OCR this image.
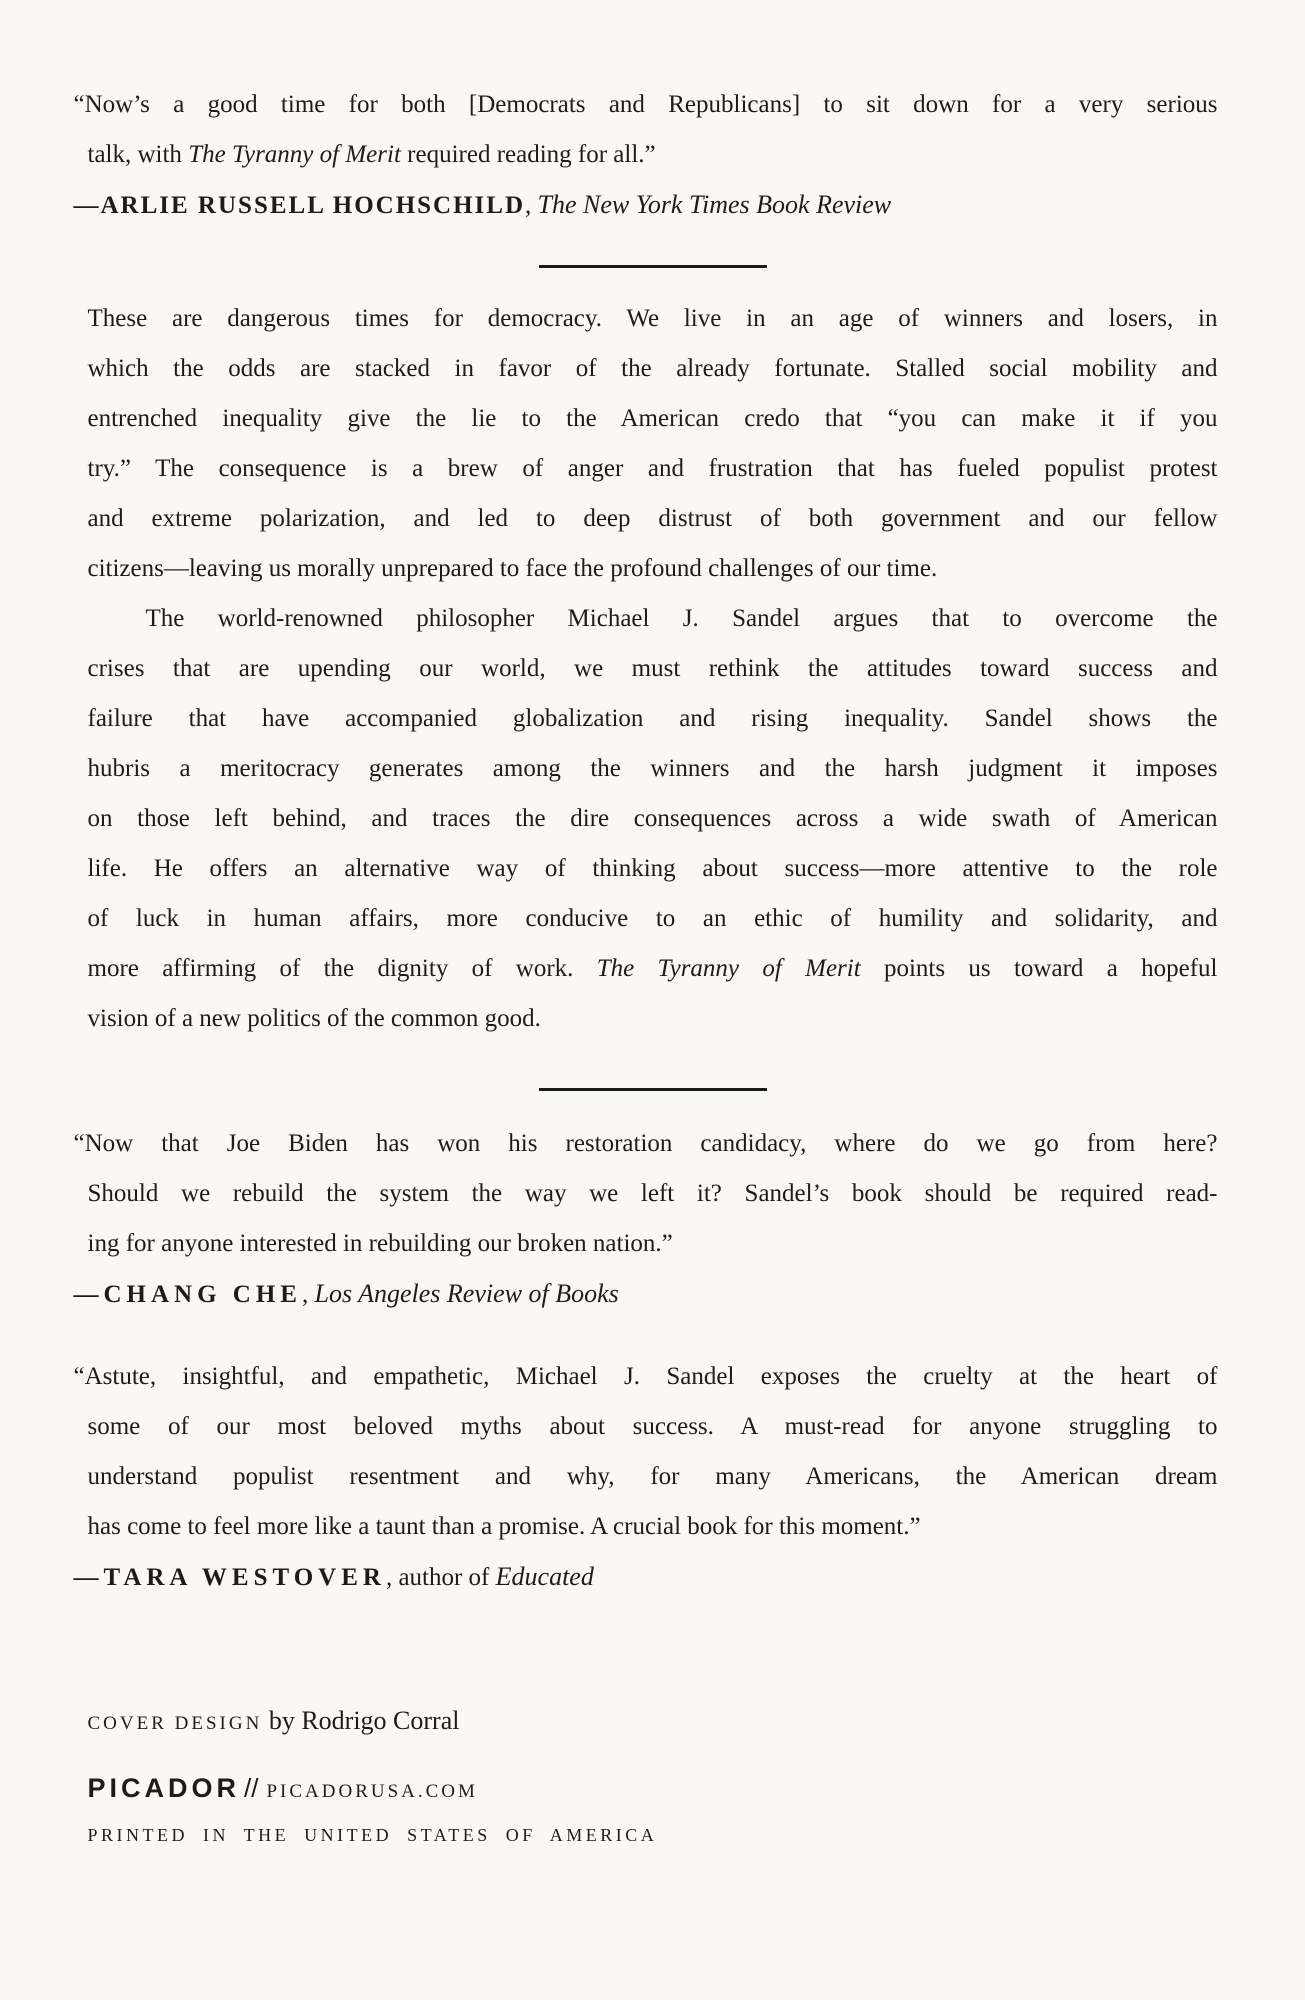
“Now’s a good time for both [Democrats and Republicans] to sit down for a very serious
talk, with The Tyranny of Merit required reading for all.”
—ARLIE RUSSELL HOCHSCHILD, The New York Times Book Review
These are dangerous times for democracy. We live in an age of winners and losers, in
which the odds are stacked in favor of the already fortunate. Stalled social mobility and
entrenched inequality give the lie to the American credo that “you can make it if you
try.” The consequence is a brew of anger and frustration that has fueled populist protest
and extreme polarization, and led to deep distrust of both government and our fellow
citizens—leaving us morally unprepared to face the profound challenges of our time.
The world-renowned philosopher Michael J. Sandel argues that to overcome the
crises that are upending our world, we must rethink the attitudes toward success and
failure that have accompanied globalization and rising inequality. Sandel shows the
hubris a meritocracy generates among the winners and the harsh judgment it imposes
on those left behind, and traces the dire consequences across a wide swath of American
life. He offers an alternative way of thinking about success—more attentive to the role
of luck in human affairs, more conducive to an ethic of humility and solidarity, and
more affirming of the dignity of work. The Tyranny of Merit points us toward a hopeful
vision of a new politics of the common good.
“Now that Joe Biden has won his restoration candidacy, where do we go from here?
Should we rebuild the system the way we left it? Sandel’s book should be required read-
ing for anyone interested in rebuilding our broken nation.”
—CHANG CHE, Los Angeles Review of Books
“Astute, insightful, and empathetic, Michael J. Sandel exposes the cruelty at the heart of
some of our most beloved myths about success. A must-read for anyone struggling to
understand populist resentment and why, for many Americans, the American dream
has come to feel more like a taunt than a promise. A crucial book for this moment.”
—TARA WESTOVER, author of Educated
COVER DESIGN by Rodrigo Corral
PICADOR // PICADORUSA.COM
PRINTED IN THE UNITED STATES OF AMERICA
